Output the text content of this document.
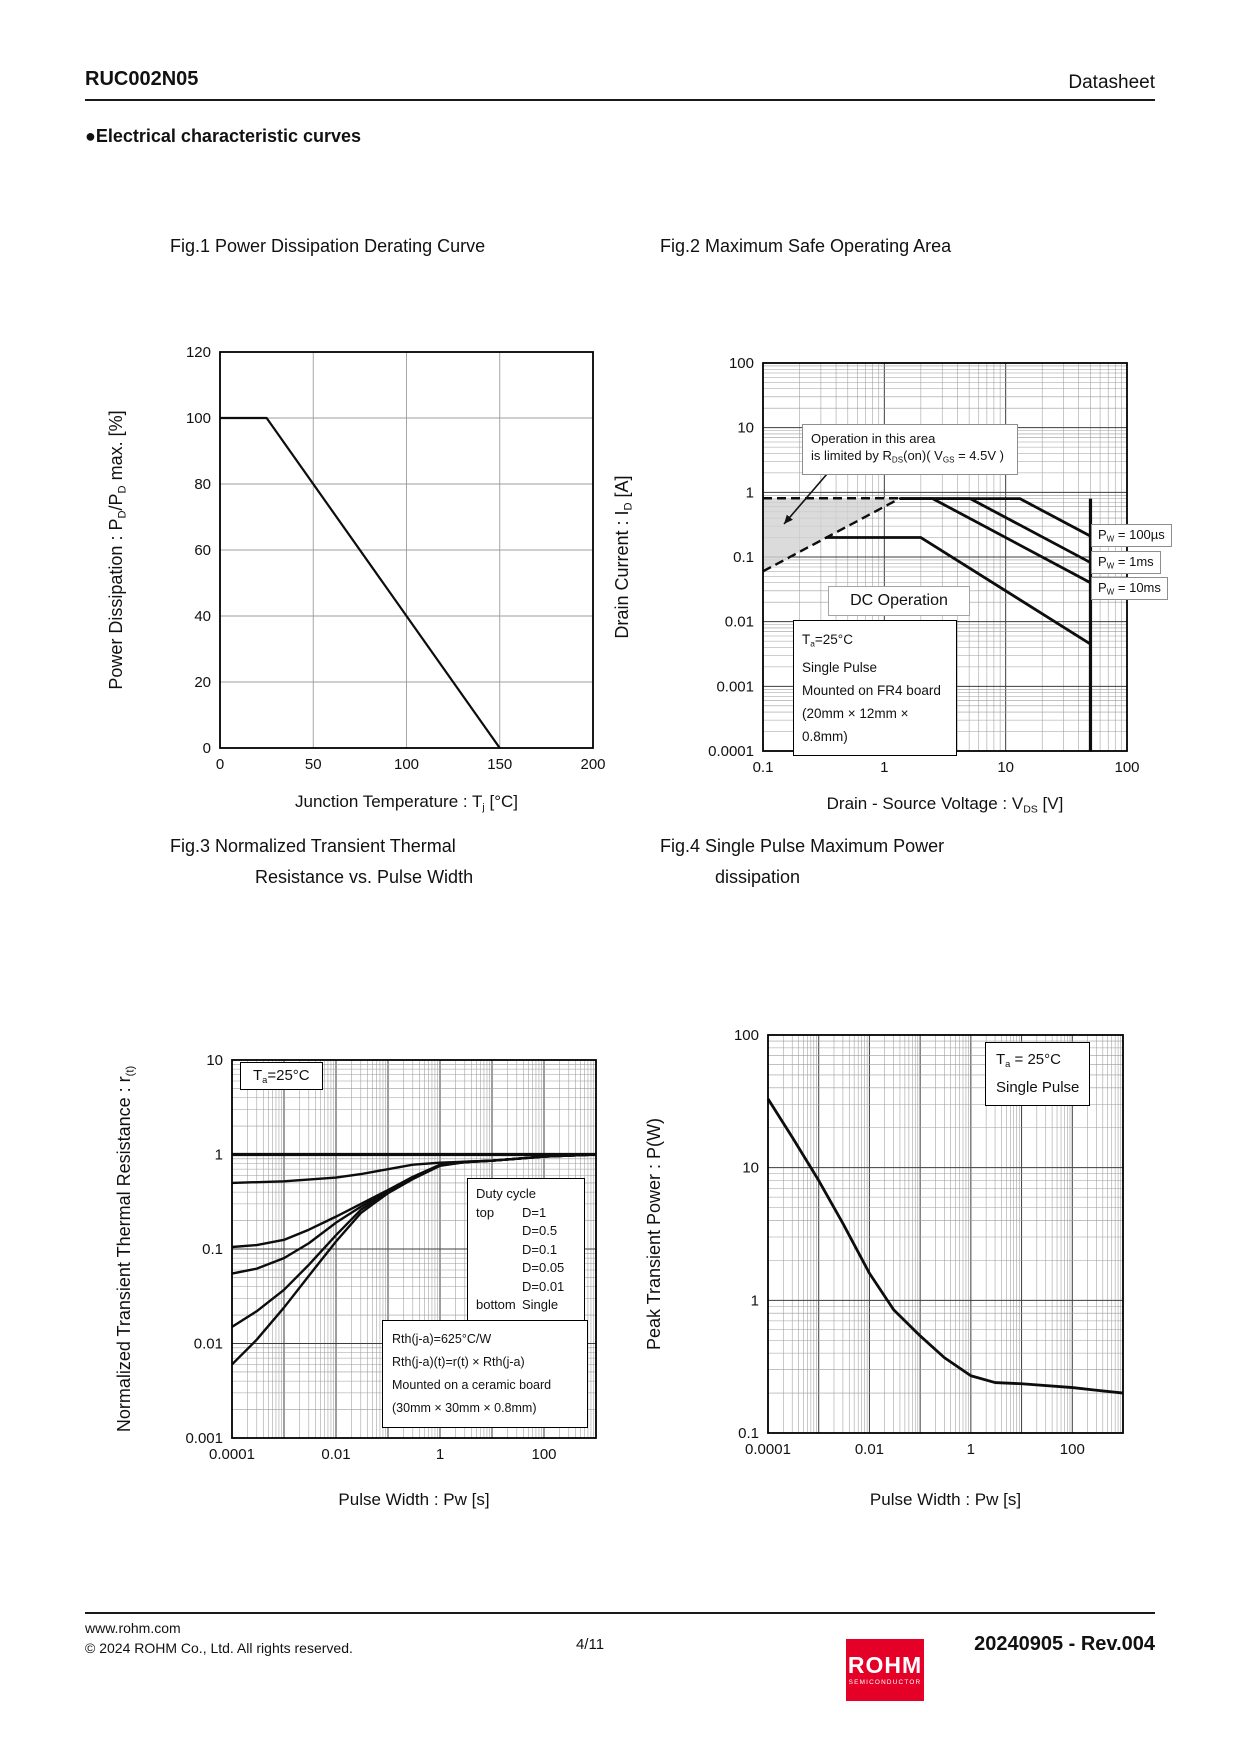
0	50	100	150	200
0
20
40
60
80
100
120
0.1	1	10	100
0.0001
0.001
0.01
0.1
1
10
100
0.0001	0.01	1	100
0.001
0.01
0.1
1
10
0.0001	0.01	1	100
0.1
1
10
100
RUC002N05	Datasheet
●Electrical characteristic curves
Fig.1 Power Dissipation Derating Curve
Power Dissipation : $P_D/P_D$ max. [%]
Junction Temperature : $T_j$ [°C]
Fig.2 Maximum Safe Operating Area
Drain Current : $I_D$ [A]
Drain - Source Voltage : $V_{DS}$ [V]
Operation in this area
is limited by $R_{DS}(on)$( $V_{GS} = 4.5V$ )
DC Operation
$T_a=25^\circ C$
Single Pulse
Mounted on FR4 board
(20mm × 12mm × 0.8mm)
$P_W = 100\mu s$
$P_W = 1ms$
$P_W = 10ms$
Fig.3 Normalized Transient Thermal
Resistance vs. Pulse Width
Normalized Transient Thermal Resistance : $r_{(t)}$
Pulse Width : Pw [s]
$T_a=25^\circ C$
Duty cycle
top D=1
D=0.5
D=0.1
D=0.05
D=0.01
bottom Single
Rth(j-a)=625°C/W
Rth(j-a)(t)=r(t) × Rth(j-a)
Mounted on a ceramic board
(30mm × 30mm × 0.8mm)
Fig.4 Single Pulse Maximum Power
dissipation
Peak Transient Power : P(W)
Pulse Width : Pw [s]
$T_a = 25^\circ C$
Single Pulse
www.rohm.com
© 2024 ROHM Co., Ltd. All rights reserved.	4/11
ROHM
SEMICONDUCTOR
20240905 - Rev.004
